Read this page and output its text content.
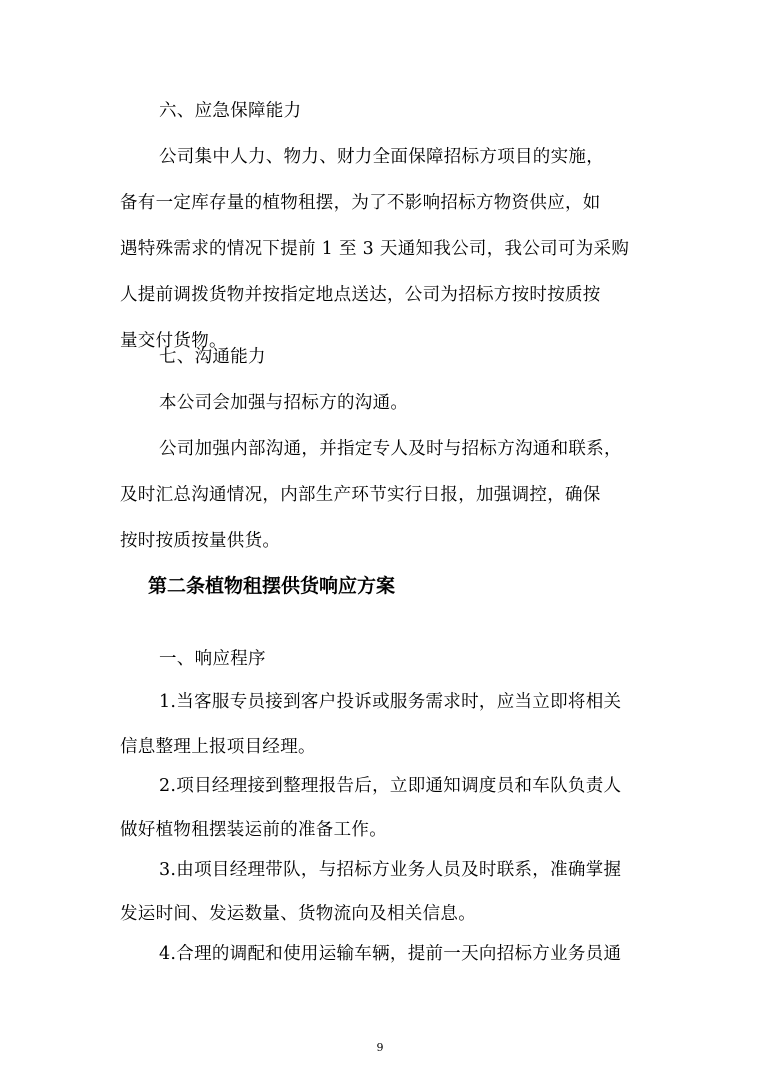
六、应急保障能力
公司集中人力、物力、财力全面保障招标方项目的实施，
备有一定库存量的植物租摆，为了不影响招标方物资供应，如
遇特殊需求的情况下提前 1 至 3 天通知我公司，我公司可为采购
人提前调拨货物并按指定地点送达，公司为招标方按时按质按
量交付货物。
七、沟通能力
本公司会加强与招标方的沟通。
公司加强内部沟通，并指定专人及时与招标方沟通和联系，
及时汇总沟通情况，内部生产环节实行日报，加强调控，确保
按时按质按量供货。
第二条植物租摆供货响应方案
一、响应程序
1.当客服专员接到客户投诉或服务需求时，应当立即将相关
信息整理上报项目经理。
2.项目经理接到整理报告后，立即通知调度员和车队负责人
做好植物租摆装运前的准备工作。
3.由项目经理带队，与招标方业务人员及时联系，准确掌握
发运时间、发运数量、货物流向及相关信息。
4.合理的调配和使用运输车辆，提前一天向招标方业务员通
9
